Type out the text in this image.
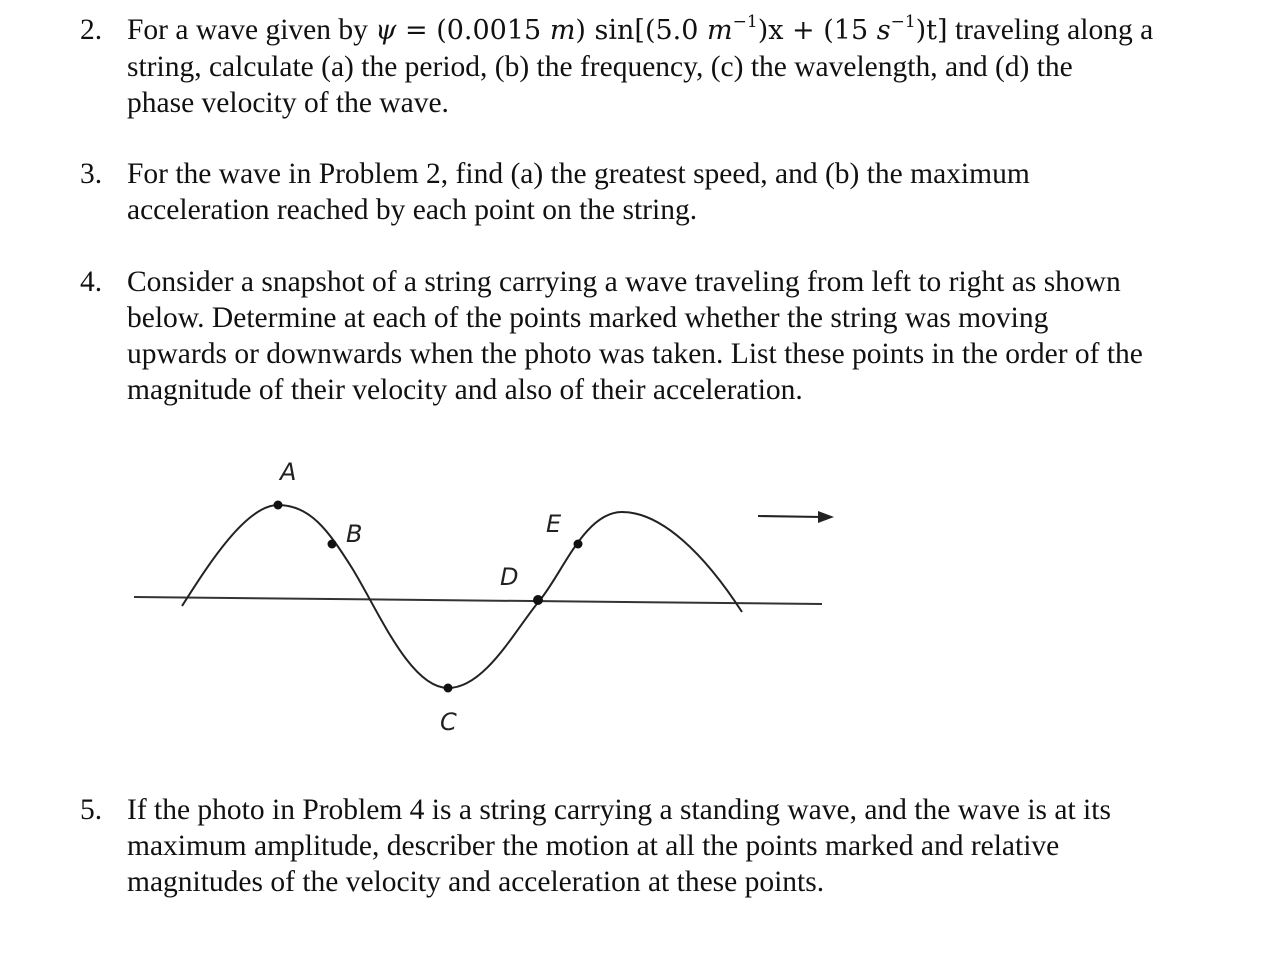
2. For a wave given by ψ = (0.0015 m) sin[(5.0 $m^{-1})x + (15$ $s^{-1})t$] traveling along a
string, calculate (a) the period, (b) the frequency, (c) the wavelength, and (d) the
phase velocity of the wave.
3. For the wave in Problem 2, find (a) the greatest speed, and (b) the maximum
acceleration reached by each point on the string.
4. Consider a snapshot of a string carrying a wave traveling from left to right as shown
below. Determine at each of the points marked whether the string was moving
upwards or downwards when the photo was taken. List these points in the order of the
magnitude of their velocity and also of their acceleration.
A
B
C
D
E
5. If the photo in Problem 4 is a string carrying a standing wave, and the wave is at its
maximum amplitude, describer the motion at all the points marked and relative
magnitudes of the velocity and acceleration at these points.
